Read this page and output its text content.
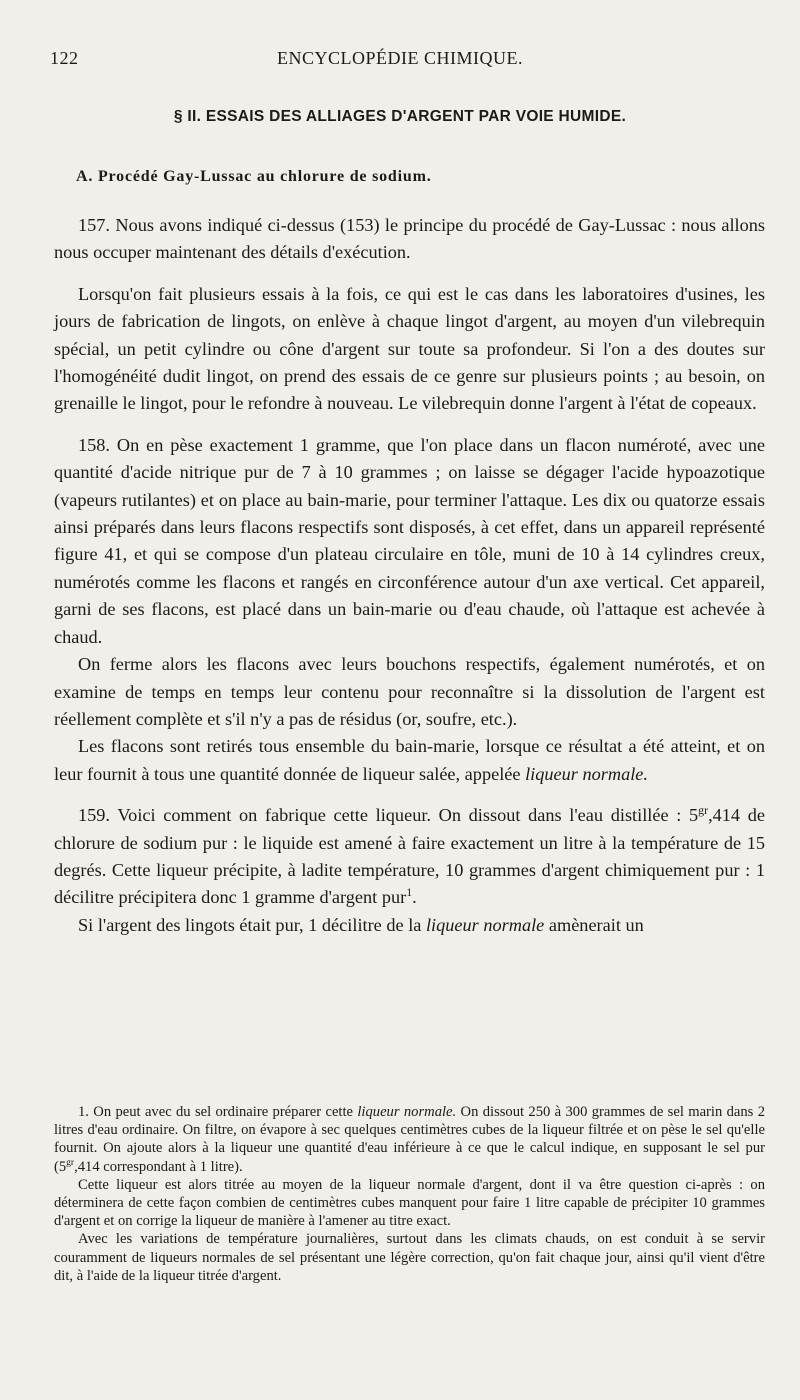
122	ENCYCLOPÉDIE CHIMIQUE.
§ II. ESSAIS DES ALLIAGES D'ARGENT PAR VOIE HUMIDE.
A. Procédé Gay-Lussac au chlorure de sodium.

157. Nous avons indiqué ci-dessus (153) le principe du procédé de Gay-Lussac : nous allons nous occuper maintenant des détails d'exécution.

Lorsqu'on fait plusieurs essais à la fois, ce qui est le cas dans les laboratoires d'usines, les jours de fabrication de lingots, on enlève à chaque lingot d'argent, au moyen d'un vilebrequin spécial, un petit cylindre ou cône d'argent sur toute sa profondeur. Si l'on a des doutes sur l'homogénéité dudit lingot, on prend des essais de ce genre sur plusieurs points ; au besoin, on grenaille le lingot, pour le refondre à nouveau. Le vilebrequin donne l'argent à l'état de copeaux.

158. On en pèse exactement 1 gramme, que l'on place dans un flacon numéroté, avec une quantité d'acide nitrique pur de 7 à 10 grammes ; on laisse se dégager l'acide hypoazotique (vapeurs rutilantes) et on place au bain-marie, pour terminer l'attaque. Les dix ou quatorze essais ainsi préparés dans leurs flacons respectifs sont disposés, à cet effet, dans un appareil représenté figure 41, et qui se compose d'un plateau circulaire en tôle, muni de 10 à 14 cylindres creux, numérotés comme les flacons et rangés en circonférence autour d'un axe vertical. Cet appareil, garni de ses flacons, est placé dans un bain-marie ou d'eau chaude, où l'attaque est achevée à chaud.

On ferme alors les flacons avec leurs bouchons respectifs, également numérotés, et on examine de temps en temps leur contenu pour reconnaître si la dissolution de l'argent est réellement complète et s'il n'y a pas de résidus (or, soufre, etc.).

Les flacons sont retirés tous ensemble du bain-marie, lorsque ce résultat a été atteint, et on leur fournit à tous une quantité donnée de liqueur salée, appelée liqueur normale.

159. Voici comment on fabrique cette liqueur. On dissout dans l'eau distillée : $5^{gr},414$ de chlorure de sodium pur : le liquide est amené à faire exactement un litre à la température de 15 degrés. Cette liqueur précipite, à ladite température, 10 grammes d'argent chimiquement pur : 1 décilitre précipitera donc 1 gramme d'argent pur$^1$.

Si l'argent des lingots était pur, 1 décilitre de la liqueur normale amènerait un

1. On peut avec du sel ordinaire préparer cette liqueur normale. On dissout 250 à 300 grammes de sel marin dans 2 litres d'eau ordinaire. On filtre, on évapore à sec quelques centimètres cubes de la liqueur filtrée et on pèse le sel qu'elle fournit. On ajoute alors à la liqueur une quantité d'eau inférieure à ce que le calcul indique, en supposant le sel pur ($5^{gr},414$ correspondant à 1 litre).

Cette liqueur est alors titrée au moyen de la liqueur normale d'argent, dont il va être question ci-après : on déterminera de cette façon combien de centimètres cubes manquent pour faire 1 litre capable de précipiter 10 grammes d'argent et on corrige la liqueur de manière à l'amener au titre exact.

Avec les variations de température journalières, surtout dans les climats chauds, on est conduit à se servir couramment de liqueurs normales de sel présentant une légère correction, qu'on fait chaque jour, ainsi qu'il vient d'être dit, à l'aide de la liqueur titrée d'argent.
